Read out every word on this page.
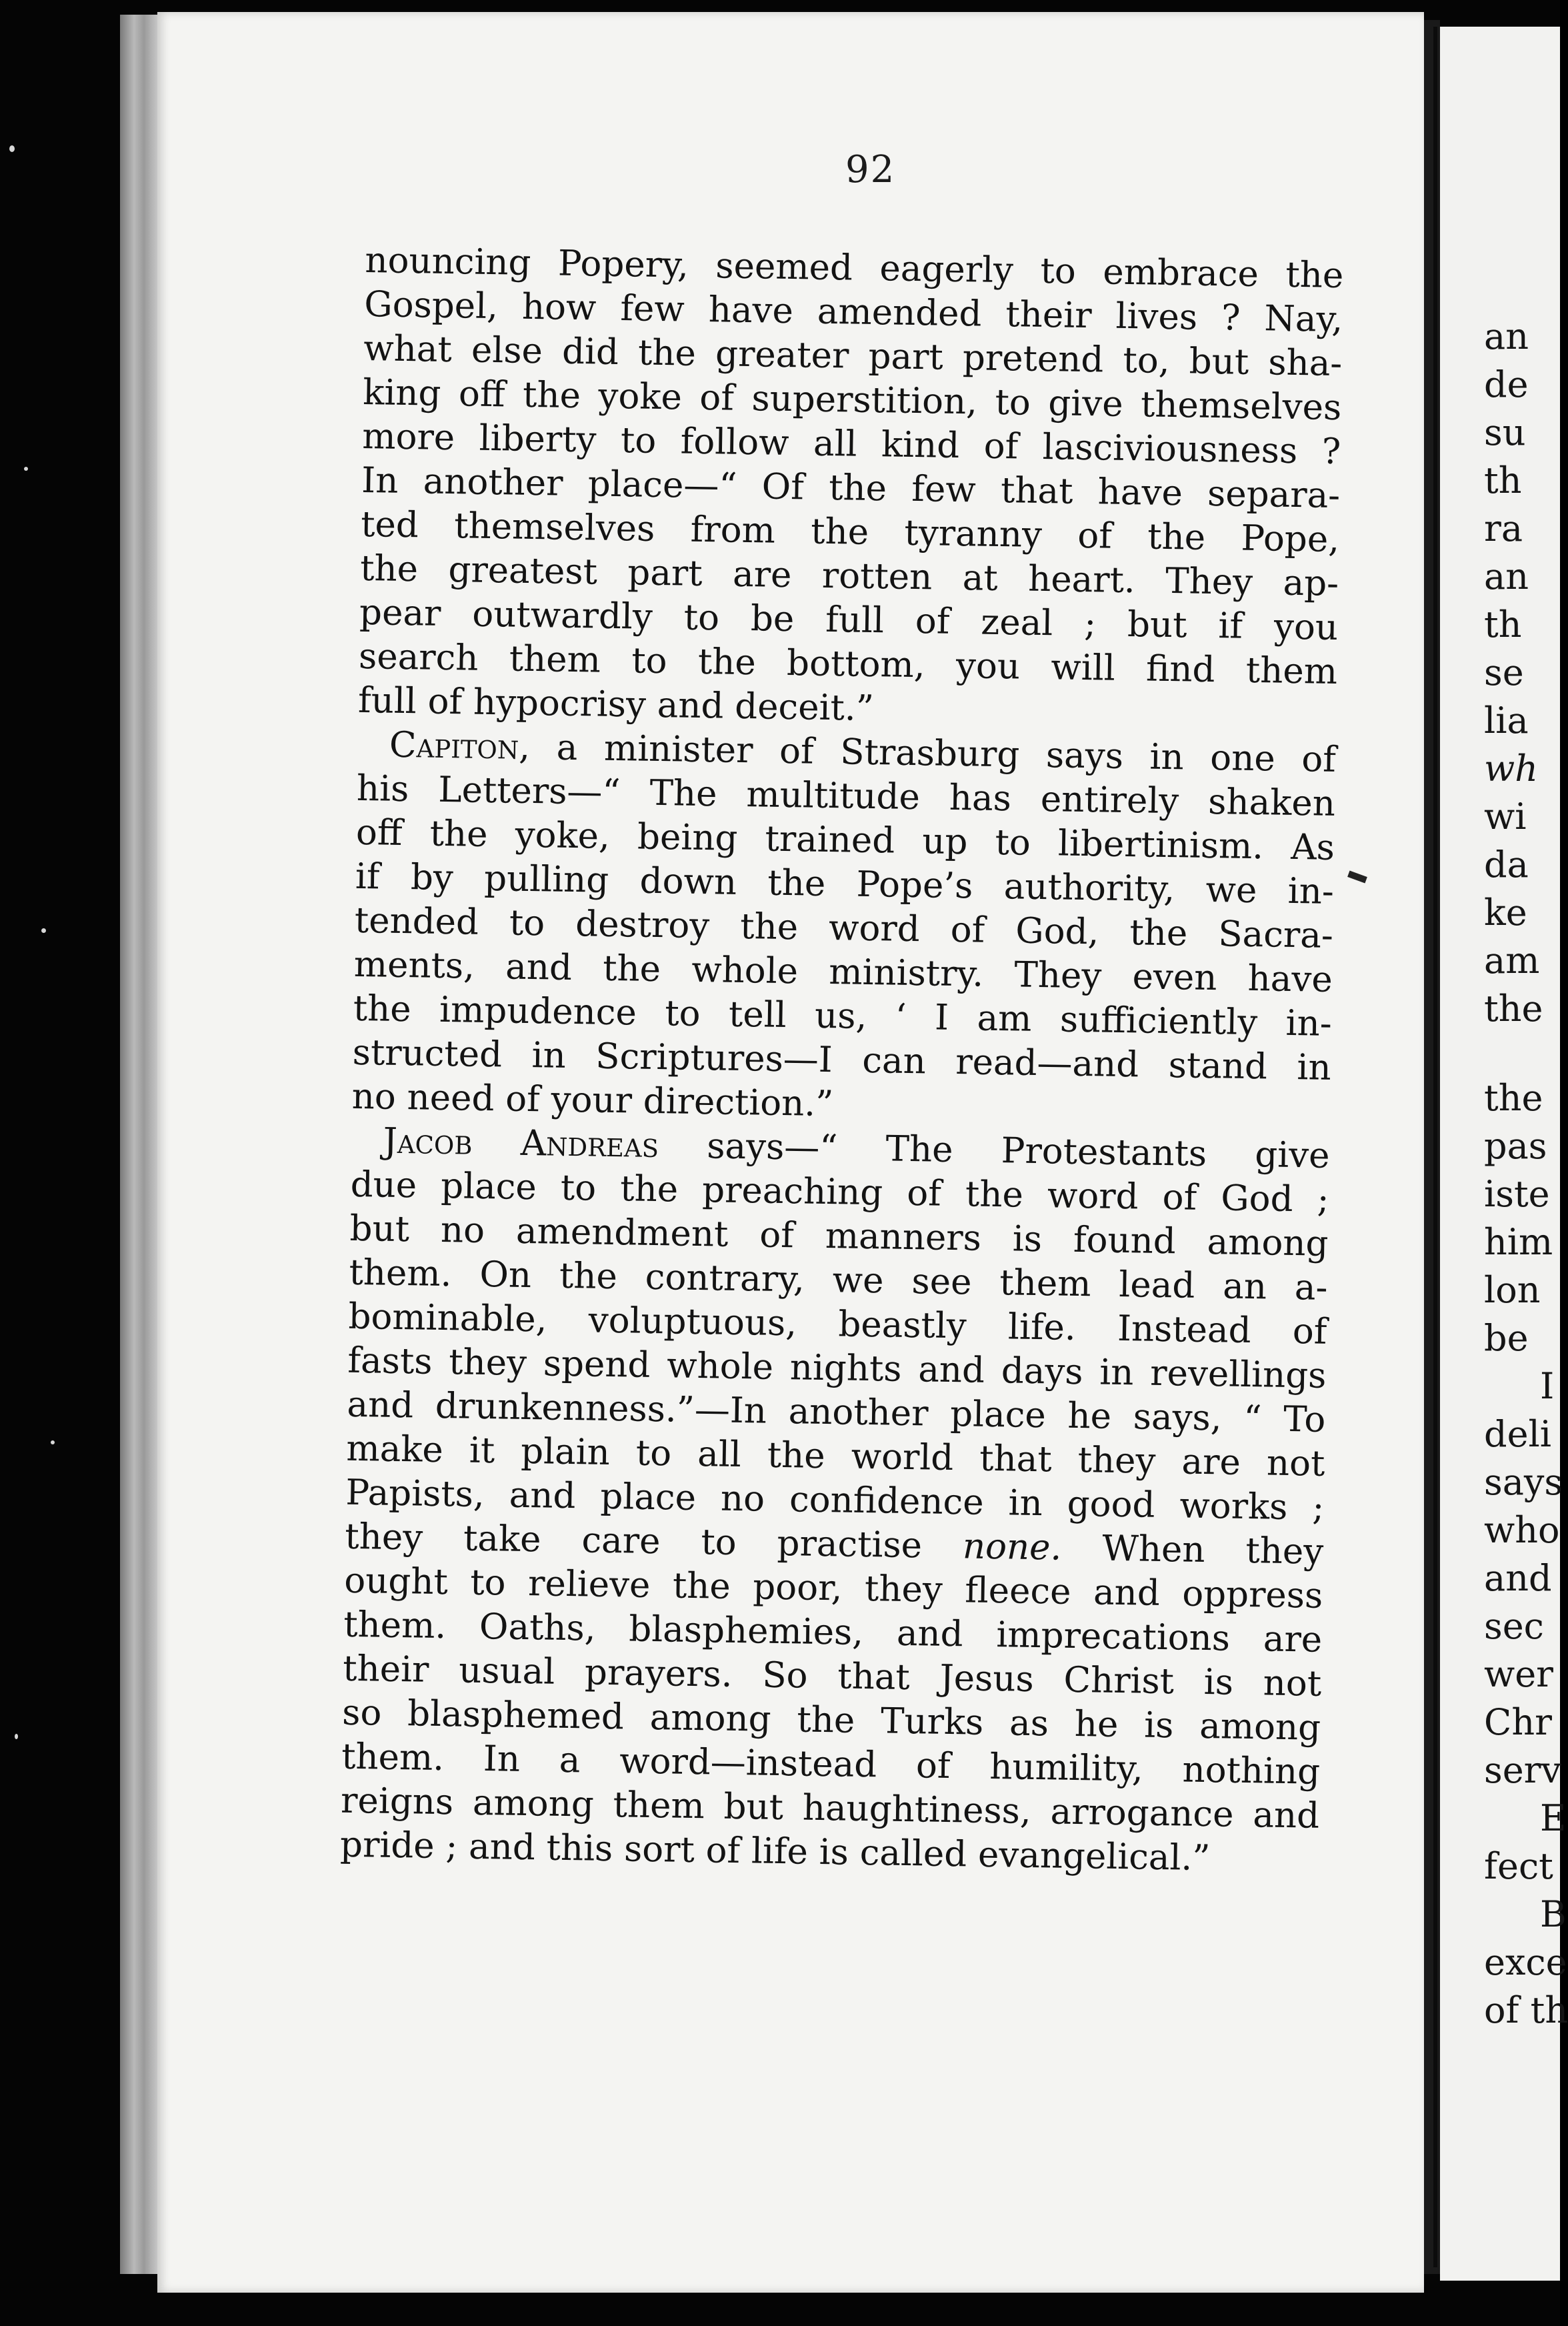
an

de

su

th

ra

an

th

se

lia

wh

wi

da

ke

am

the

the

pas

iste

him

lon

be

I

deli

says

who

and

sec

wer

Chr

serv

E

fect

B

exce

of th

92

nouncing Popery, seemed eagerly to embrace the

Gospel, how few have amended their lives ? Nay,

what else did the greater part pretend to, but sha-

king off the yoke of superstition, to give themselves

more liberty to follow all kind of lasciviousness ?

In another place—“ Of the few that have separa-

ted themselves from the tyranny of the Pope,

the greatest part are rotten at heart. They ap-

pear outwardly to be full of zeal ; but if you

search them to the bottom, you will find them

full of hypocrisy and deceit.”

Capiton, a minister of Strasburg says in one of

his Letters—“ The multitude has entirely shaken

off the yoke, being trained up to libertinism. As

if by pulling down the Pope’s authority, we in-

tended to destroy the word of God, the Sacra-

ments, and the whole ministry. They even have

the impudence to tell us, ‘ I am sufficiently in-

structed in Scriptures—I can read—and stand in

no need of your direction.”

Jacob Andreas says—“ The Protestants give

due place to the preaching of the word of God ;

but no amendment of manners is found among

them. On the contrary, we see them lead an a-

bominable, voluptuous, beastly life. Instead of

fasts they spend whole nights and days in revellings

and drunkenness.”—In another place he says, “ To

make it plain to all the world that they are not

Papists, and place no confidence in good works ;

they take care to practise none. When they

ought to relieve the poor, they fleece and oppress

them. Oaths, blasphemies, and imprecations are

their usual prayers. So that Jesus Christ is not

so blasphemed among the Turks as he is among

them. In a word—instead of humility, nothing

reigns among them but haughtiness, arrogance and

pride ; and this sort of life is called evangelical.”
